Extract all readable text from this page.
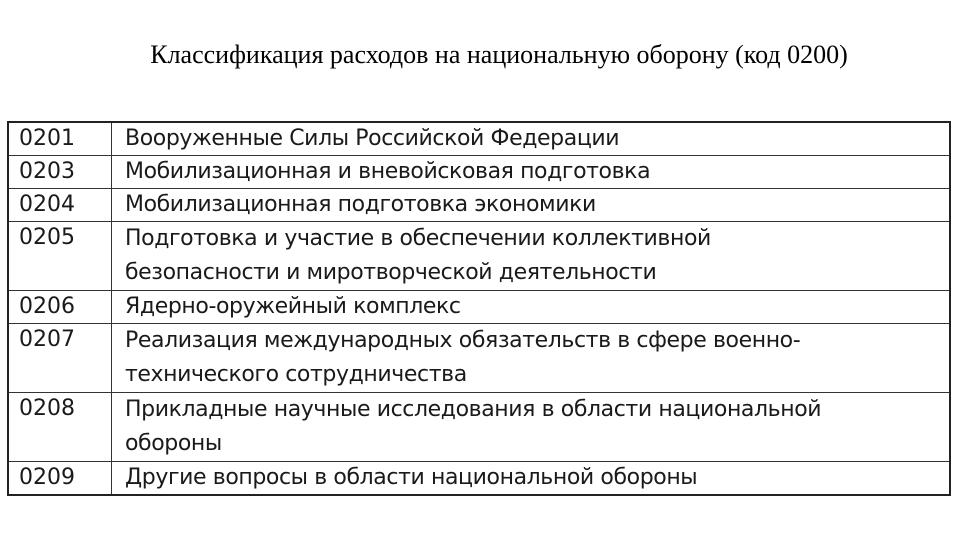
Классификация расходов на национальную оборону (код 0200)
0201	Вооруженные Силы Российской Федерации
0203	Мобилизационная и вневойсковая подготовка
0204	Мобилизационная подготовка экономики
0205	Подготовка и участие в обеспечении коллективной
безопасности и миротворческой деятельности
0206	Ядерно-оружейный комплекс
0207	Реализация международных обязательств в сфере военно-
технического сотрудничества
0208	Прикладные научные исследования в области национальной
обороны
0209	Другие вопросы в области национальной обороны
